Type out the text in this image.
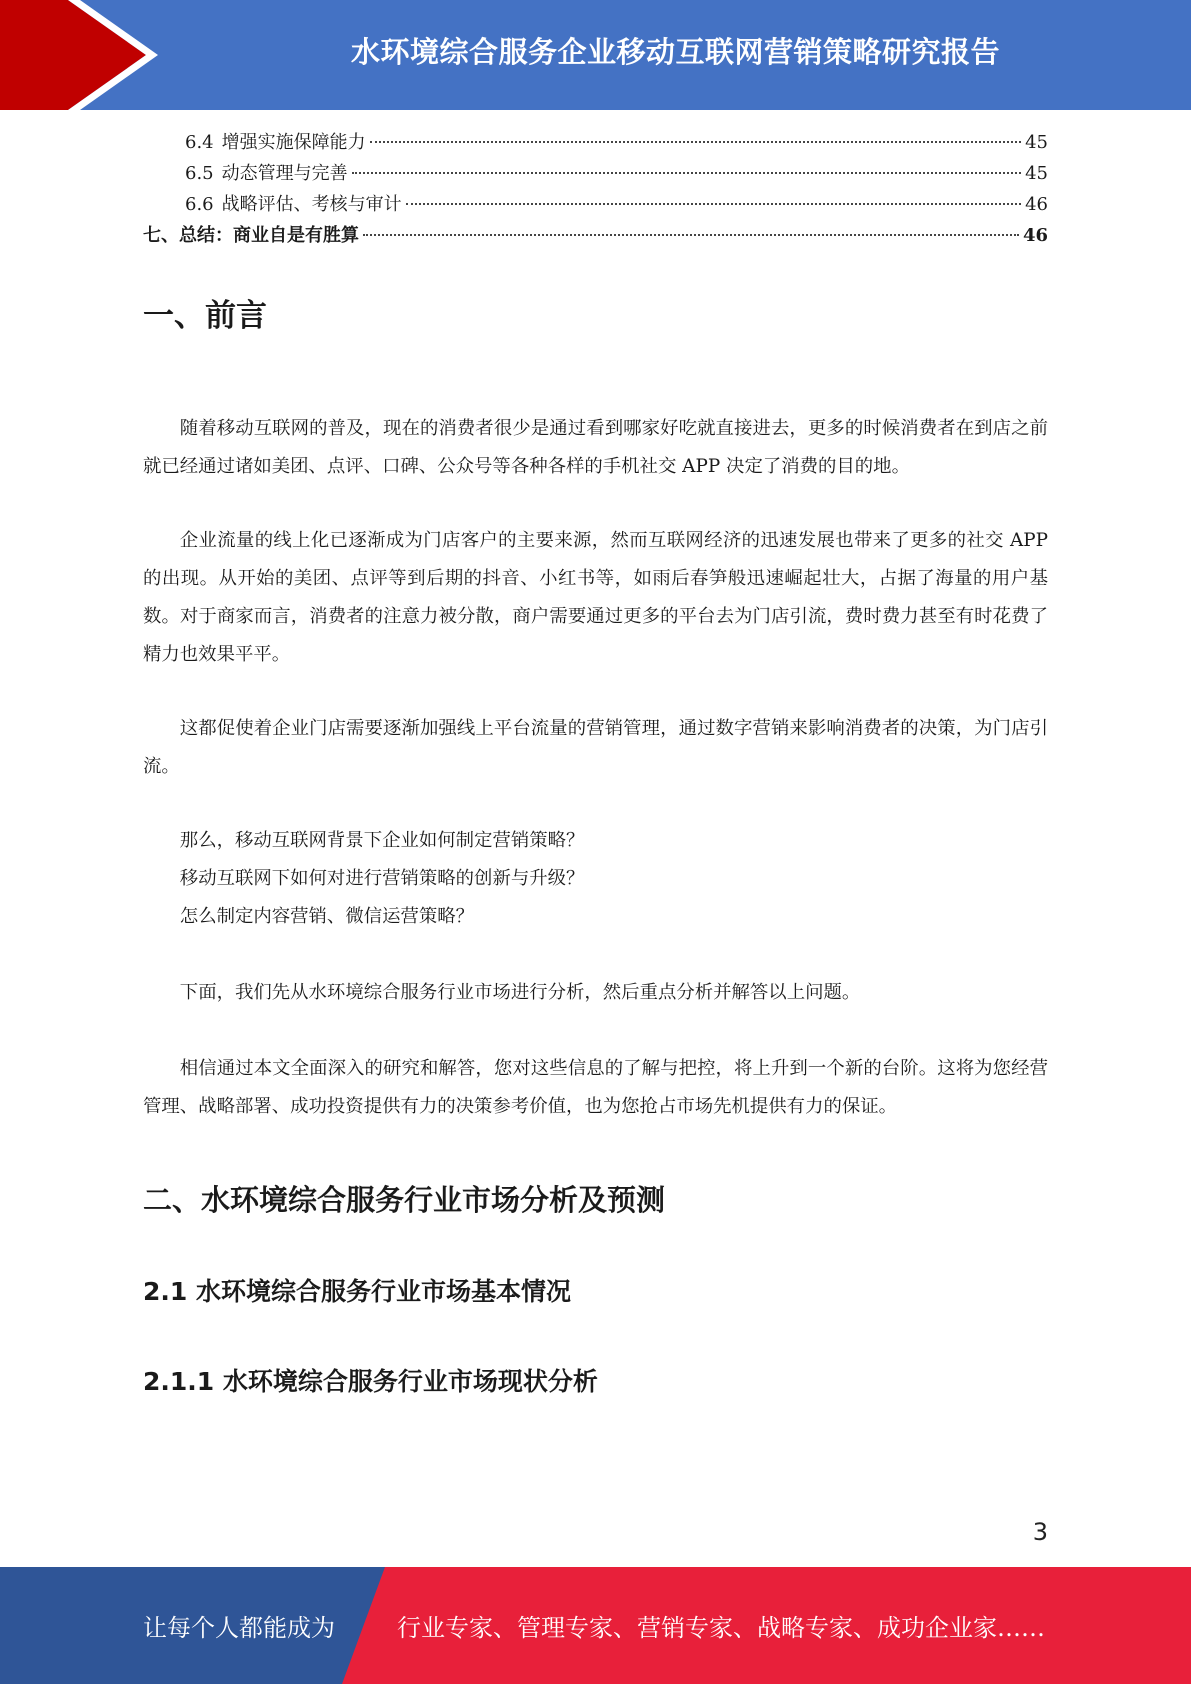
水环境综合服务企业移动互联网营销策略研究报告
6.4 增强实施保障能力	45
6.5 动态管理与完善	45
6.6 战略评估、考核与审计	46
七、总结：商业自是有胜算	46
一、前言

随着移动互联网的普及，现在的消费者很少是通过看到哪家好吃就直接进去，更多的时候消费者在到店之前就已经通过诸如美团、点评、口碑、公众号等各种各样的手机社交 APP 决定了消费的目的地。

企业流量的线上化已逐渐成为门店客户的主要来源，然而互联网经济的迅速发展也带来了更多的社交 APP 的出现。从开始的美团、点评等到后期的抖音、小红书等，如雨后春笋般迅速崛起壮大，占据了海量的用户基数。对于商家而言，消费者的注意力被分散，商户需要通过更多的平台去为门店引流，费时费力甚至有时花费了精力也效果平平。

这都促使着企业门店需要逐渐加强线上平台流量的营销管理，通过数字营销来影响消费者的决策，为门店引流。

那么，移动互联网背景下企业如何制定营销策略？

移动互联网下如何对进行营销策略的创新与升级？

怎么制定内容营销、微信运营策略？

下面，我们先从水环境综合服务行业市场进行分析，然后重点分析并解答以上问题。

相信通过本文全面深入的研究和解答，您对这些信息的了解与把控，将上升到一个新的台阶。这将为您经营管理、战略部署、成功投资提供有力的决策参考价值，也为您抢占市场先机提供有力的保证。

二、水环境综合服务行业市场分析及预测
2.1 水环境综合服务行业市场基本情况
2.1.1 水环境综合服务行业市场现状分析
3
让每个人都能成为	行业专家、管理专家、营销专家、战略专家、成功企业家……
